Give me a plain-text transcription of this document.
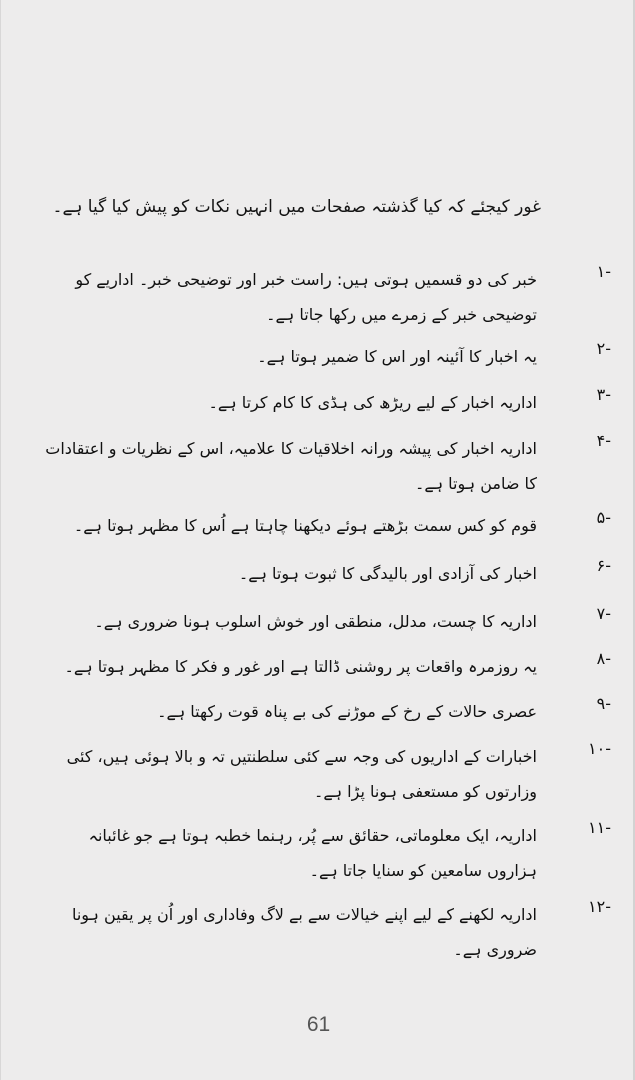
غور کیجئے کہ کیا گذشتہ صفحات میں انہیں نکات کو پیش کیا گیا ہے۔
-۱
خبر کی دو قسمیں ہوتی ہیں: راست خبر اور توضیحی خبر۔ اداریے کو توضیحی خبر کے زمرے میں رکھا جاتا ہے۔
-۲
یہ اخبار کا آئینہ اور اس کا ضمیر ہوتا ہے۔
-۳
اداریہ اخبار کے لیے ریڑھ کی ہڈی کا کام کرتا ہے۔
-۴
اداریہ اخبار کی پیشہ ورانہ اخلاقیات کا علامیہ، اس کے نظریات و اعتقادات کا ضامن ہوتا ہے۔
-۵
قوم کو کس سمت بڑھتے ہوئے دیکھنا چاہتا ہے اُس کا مظہر ہوتا ہے۔
-۶
اخبار کی آزادی اور بالیدگی کا ثبوت ہوتا ہے۔
-۷
اداریہ کا چست، مدلل، منطقی اور خوش اسلوب ہونا ضروری ہے۔
-۸
یہ روزمرہ واقعات پر روشنی ڈالتا ہے اور غور و فکر کا مظہر ہوتا ہے۔
-۹
عصری حالات کے رخ کے موڑنے کی بے پناہ قوت رکھتا ہے۔
-۱۰
اخبارات کے اداریوں کی وجہ سے کئی سلطنتیں تہ و بالا ہوئی ہیں، کئی وزارتوں کو مستعفی ہونا پڑا ہے۔
-۱۱
اداریہ، ایک معلوماتی، حقائق سے پُر، رہنما خطبہ ہوتا ہے جو غائبانہ ہزاروں سامعین کو سنایا جاتا ہے۔
-۱۲
اداریہ لکھنے کے لیے اپنے خیالات سے بے لاگ وفاداری اور اُن پر یقین ہونا ضروری ہے۔
61
